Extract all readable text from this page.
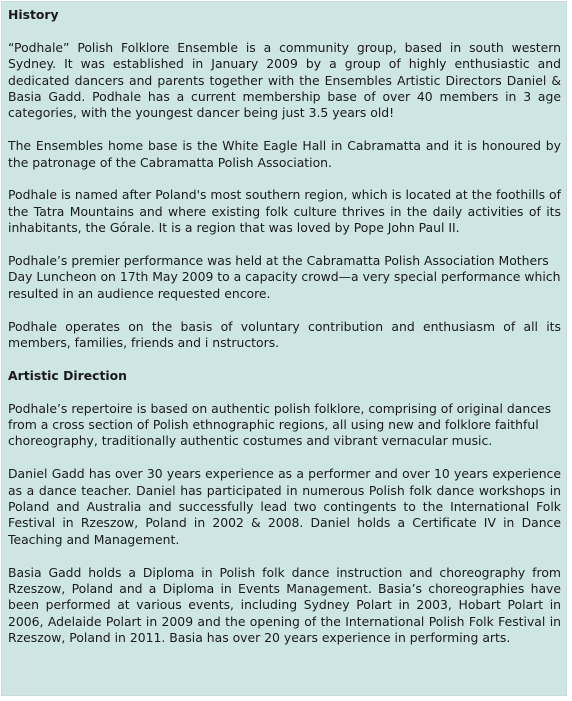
History

“Podhale” Polish Folklore Ensemble is a community group, based in south western Sydney. It was established in January 2009 by a group of highly enthusiastic and dedicated dancers and parents together with the Ensembles Artistic Directors Daniel & Basia Gadd. Podhale has a current membership base of over 40 members in 3 age categories, with the youngest dancer being just 3.5 years old!

The Ensembles home base is the White Eagle Hall in Cabramatta and it is honoured by the patronage of the Cabramatta Polish Association.

Podhale is named after Poland's most southern region, which is located at the foothills of the Tatra Mountains and where existing folk culture thrives in the daily activities of its inhabitants, the Górale. It is a region that was loved by Pope John Paul II.

Podhale’s premier performance was held at the Cabramatta Polish Association Mothers Day Luncheon on 17th May 2009 to a capacity crowd—a very special performance which resulted in an audience requested encore.

Podhale operates on the basis of voluntary contribution and enthusiasm of all its members, families, friends and i nstructors.

Artistic Direction

Podhale’s repertoire is based on authentic polish folklore, comprising of original dances from a cross section of Polish ethnographic regions, all using new and folklore faithful choreography, traditionally authentic costumes and vibrant vernacular music.

Daniel Gadd has over 30 years experience as a performer and over 10 years experience as a dance teacher. Daniel has participated in numerous Polish folk dance workshops in Poland and Australia and successfully lead two contingents to the International Folk Festival in Rzeszow, Poland in 2002 & 2008. Daniel holds a Certificate IV in Dance Teaching and Management.

Basia Gadd holds a Diploma in Polish folk dance instruction and choreography from Rzeszow, Poland and a Diploma in Events Management. Basia’s choreographies have been performed at various events, including Sydney Polart in 2003, Hobart Polart in 2006, Adelaide Polart in 2009 and the opening of the International Polish Folk Festival in Rzeszow, Poland in 2011. Basia has over 20 years experience in performing arts.
